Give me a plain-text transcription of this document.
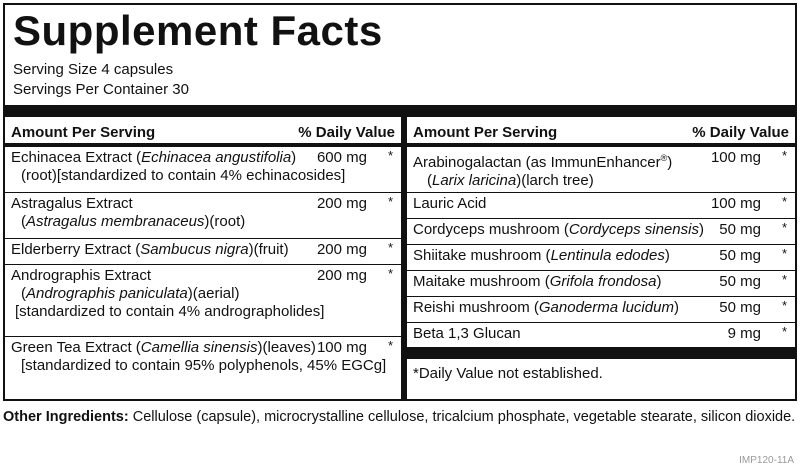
Supplement Facts
Serving Size 4 capsules
Servings Per Container 30
Amount Per Serving	% Daily Value
Echinacea Extract (Echinacea angustifolia)
(root)[standardized to contain 4% echinacosides]
600 mg *
Astragalus Extract
(Astragalus membranaceus)(root)
200 mg *
Elderberry Extract (Sambucus nigra)(fruit) 200 mg *
Andrographis Extract
(Andrographis paniculata)(aerial)
[standardized to contain 4% andrographolides]
200 mg *
Green Tea Extract (Camellia sinensis)(leaves)
[standardized to contain 95% polyphenols, 45% EGCg]
100 mg *
Amount Per Serving	% Daily Value
Arabinogalactan (as ImmunEnhancer®)
(Larix laricina)(larch tree)
100 mg *
Lauric Acid	100 mg *
Cordyceps mushroom (Cordyceps sinensis) 50 mg *
Shiitake mushroom (Lentinula edodes)	50 mg *
Maitake mushroom (Grifola frondosa)	50 mg *
Reishi mushroom (Ganoderma lucidum)	50 mg *
Beta 1,3 Glucan	9 mg *
*Daily Value not established.
Other Ingredients: Cellulose (capsule), microcrystalline cellulose, tricalcium phosphate, vegetable stearate, silicon dioxide.
IMP120-11A
